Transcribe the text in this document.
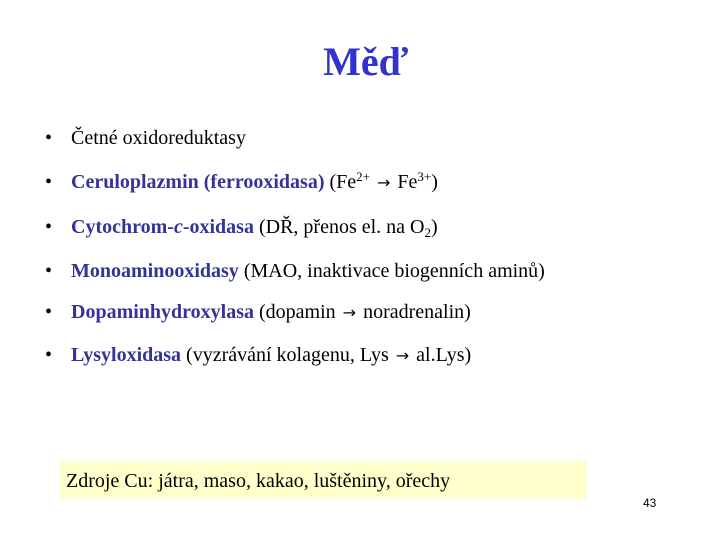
Měď
• Četné oxidoreduktasy
• Ceruloplazmin (ferrooxidasa) $(Fe^{2+} \to Fe^{3+})$
• Cytochrom-c-oxidasa (DŘ, přenos el. na $O_2$)
• Monoaminooxidasy (MAO, inaktivace biogenních aminů)
• Dopaminhydroxylasa (dopamin → noradrenalin)
• Lysyloxidasa (vyzrávání kolagenu, Lys → al.Lys)
Zdroje Cu: játra, maso, kakao, luštěniny, ořechy
43
